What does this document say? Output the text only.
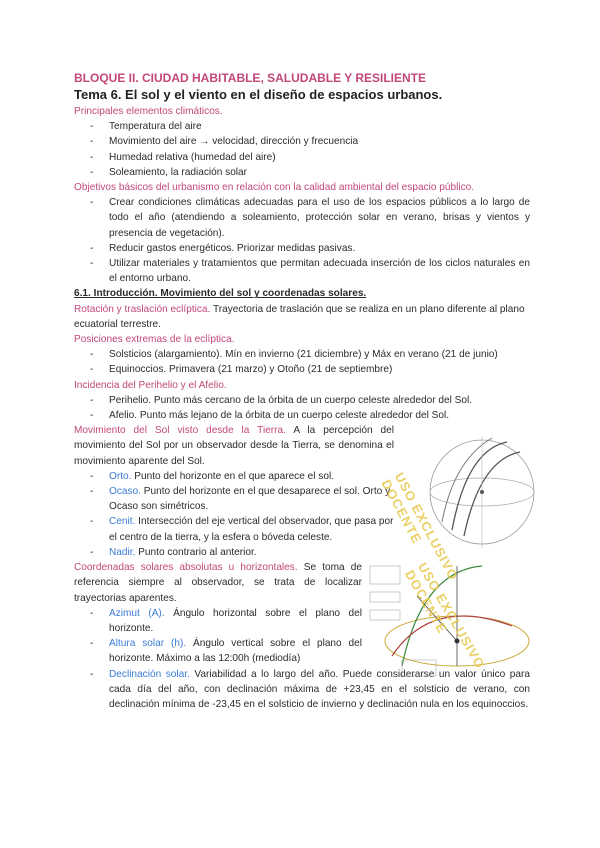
BLOQUE II. CIUDAD HABITABLE, SALUDABLE Y RESILIENTE
Tema 6. El sol y el viento en el diseño de espacios urbanos.
Principales elementos climáticos.
- Temperatura del aire
- Movimiento del aire → velocidad, dirección y frecuencia
- Humedad relativa (humedad del aire)
- Soleamiento, la radiación solar
Objetivos básicos del urbanismo en relación con la calidad ambiental del espacio público.
- Crear condiciones climáticas adecuadas para el uso de los espacios públicos a lo largo de todo el año (atendiendo a soleamiento, protección solar en verano, brisas y vientos y presencia de vegetación).
- Reducir gastos energéticos. Priorizar medidas pasivas.
- Utilizar materiales y tratamientos que permitan adecuada inserción de los ciclos naturales en el entorno urbano.
6.1. Introducción. Movimiento del sol y coordenadas solares.
Rotación y traslación eclíptica. Trayectoria de traslación que se realiza en un plano diferente al plano ecuatorial terrestre.
Posiciones extremas de la eclíptica.
- Solsticios (alargamiento). Mín en invierno (21 diciembre) y Máx en verano (21 de junio)
- Equinoccios. Primavera (21 marzo) y Otoño (21 de septiembre)
Incidencia del Perihelio y el Afelio.
- Perihelio. Punto más cercano de la órbita de un cuerpo celeste alrededor del Sol.
- Afelio. Punto más lejano de la órbita de un cuerpo celeste alrededor del Sol.
Movimiento del Sol visto desde la Tierra. A la percepción del movimiento del Sol por un observador desde la Tierra, se denomina el movimiento aparente del Sol.
- Orto. Punto del horizonte en el que aparece el sol.
- Ocaso. Punto del horizonte en el que desaparece el sol. Orto y Ocaso son simétricos.
- Cenit. Intersección del eje vertical del observador, que pasa por el centro de la tierra, y la esfera o bóveda celeste.
- Nadir. Punto contrario al anterior.
Coordenadas solares absolutas u horizontales. Se toma de referencia siempre al observador, se trata de localizar trayectorias aparentes.
- Azimut (A). Ángulo horizontal sobre el plano del horizonte.
- Altura solar (h). Ángulo vertical sobre el plano del horizonte. Máximo a las 12:00h (mediodía)
- Declinación solar. Variabilidad a lo largo del año. Puede considerarse un valor único para cada día del año, con declinación máxima de +23,45 en el solsticio de verano, con declinación mínima de -23,45 en el solsticio de invierno y declinación nula en los equinoccios.
USO EXCLUSIVO DOCENTE
USO EXCLUSIVO DOCENTE
